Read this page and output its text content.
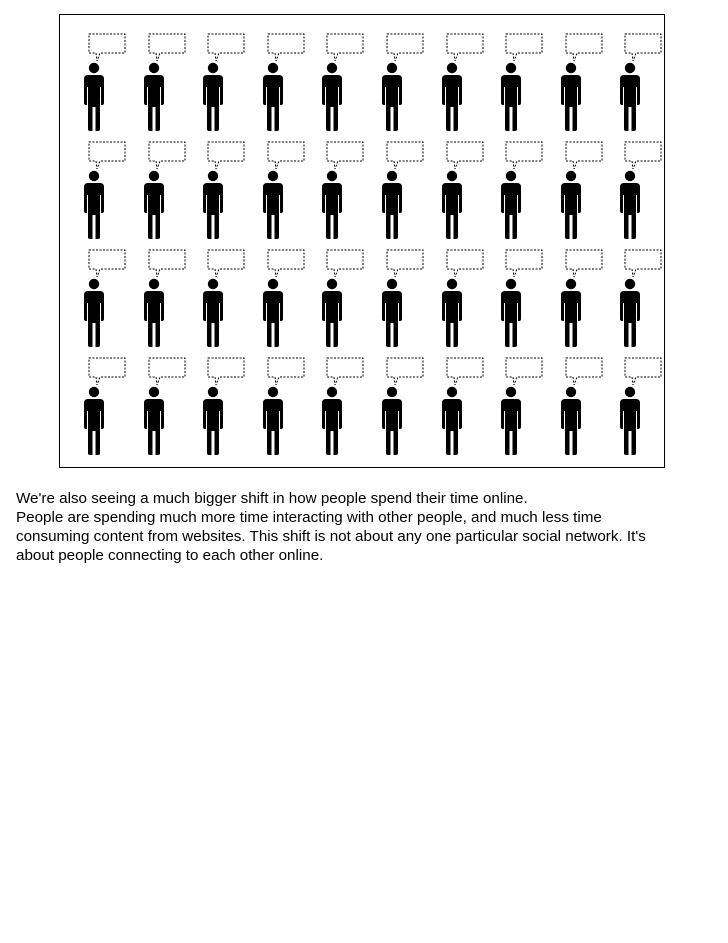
We're also seeing a much bigger shift in how people spend their time online.

People are spending much more time interacting with other people, and much less time
consuming content from websites. This shift is not about any one particular social network. It's
about people connecting to each other online.
